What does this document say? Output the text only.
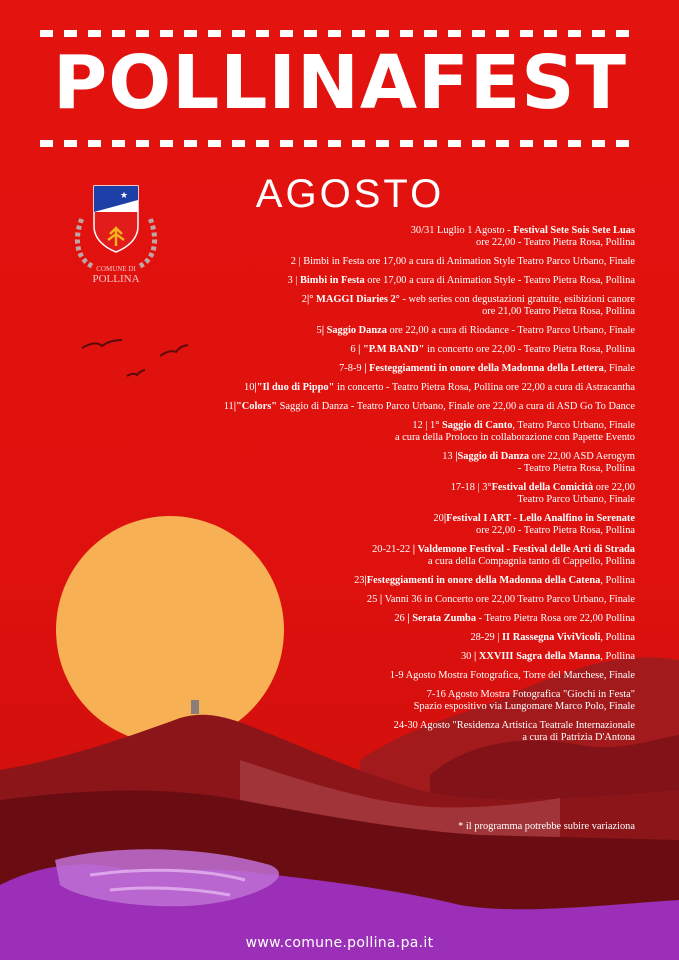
POLLINAFEST
AGOSTO
★
COMUNE DI
POLLINA
30/31 Luglio 1 Agosto - Festival Sete Sois Sete Luas
ore 22,00 - Teatro Pietra Rosa, Pollina
2 | Bimbi in Festa ore 17,00 a cura di Animation Style Teatro Parco Urbano, Finale
3 | Bimbi in Festa ore 17,00 a cura di Animation Style - Teatro Pietra Rosa, Pollina
2|° MAGGI Diaries 2° - web series con degustazioni gratuite, esibizioni canore
ore 21,00 Teatro Pietra Rosa, Pollina
5| Saggio Danza ore 22,00 a cura di Riodance - Teatro Parco Urbano, Finale
6 | "P.M BAND" in concerto ore 22,00 - Teatro Pietra Rosa, Pollina
7-8-9 | Festeggiamenti in onore della Madonna della Lettera, Finale
10|"Il duo di Pippo" in concerto - Teatro Pietra Rosa, Pollina ore 22,00 a cura di Astracantha
11|"Colors" Saggio di Danza - Teatro Parco Urbano, Finale ore 22,00 a cura di ASD Go To Dance
12 | 1° Saggio di Canto, Teatro Parco Urbano, Finale
a cura della Proloco in collaborazione con Papette Evento
13 |Saggio di Danza ore 22,00 ASD Aerogym
- Teatro Pietra Rosa, Pollina
17-18 | 3°Festival della Comicità ore 22,00
Teatro Parco Urbano, Finale
20|Festival I ART - Lello Analfino in Serenate
ore 22,00 - Teatro Pietra Rosa, Pollina
20-21-22 | Valdemone Festival - Festival delle Arti di Strada
a cura della Compagnia tanto di Cappello, Pollina
23|Festeggiamenti in onore della Madonna della Catena, Pollina
25 | Vanni 36 in Concerto ore 22,00 Teatro Parco Urbano, Finale
26 | Serata Zumba - Teatro Pietra Rosa ore 22,00 Pollina
28-29 | II Rassegna ViviVicoli, Pollina
30 | XXVIII Sagra della Manna, Pollina
1-9 Agosto Mostra Fotografica, Torre del Marchese, Finale
7-16 Agosto Mostra Fotografica "Giochi in Festa"
Spazio espositivo via Lungomare Marco Polo, Finale
24-30 Agosto "Residenza Artistica Teatrale Internazionale
a cura di Patrizia D'Antona
* il programma potrebbe subire variaziona
www.comune.pollina.pa.it
